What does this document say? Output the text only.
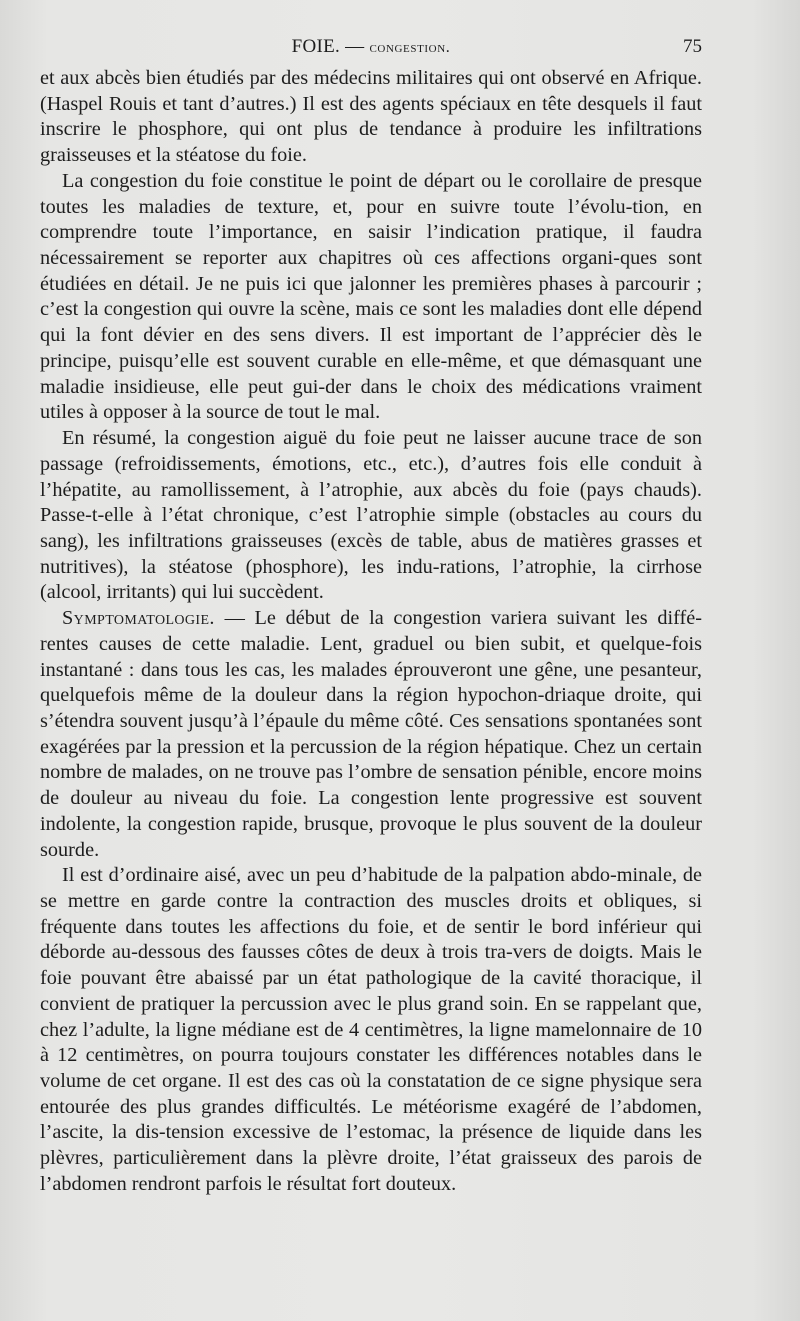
FOIE. — congestion.	75

et aux abcès bien étudiés par des médecins militaires qui ont observé en Afrique. (Haspel Rouis et tant d’autres.) Il est des agents spéciaux en tête desquels il faut inscrire le phosphore, qui ont plus de tendance à produire les infiltrations graisseuses et la stéatose du foie.

La congestion du foie constitue le point de départ ou le corollaire de presque toutes les maladies de texture, et, pour en suivre toute l’évolu-tion, en comprendre toute l’importance, en saisir l’indication pratique, il faudra nécessairement se reporter aux chapitres où ces affections organi-ques sont étudiées en détail. Je ne puis ici que jalonner les premières phases à parcourir ; c’est la congestion qui ouvre la scène, mais ce sont les maladies dont elle dépend qui la font dévier en des sens divers. Il est important de l’apprécier dès le principe, puisqu’elle est souvent curable en elle-même, et que démasquant une maladie insidieuse, elle peut gui-der dans le choix des médications vraiment utiles à opposer à la source de tout le mal.

En résumé, la congestion aiguë du foie peut ne laisser aucune trace de son passage (refroidissements, émotions, etc., etc.), d’autres fois elle conduit à l’hépatite, au ramollissement, à l’atrophie, aux abcès du foie (pays chauds). Passe-t-elle à l’état chronique, c’est l’atrophie simple (obstacles au cours du sang), les infiltrations graisseuses (excès de table, abus de matières grasses et nutritives), la stéatose (phosphore), les indu-rations, l’atrophie, la cirrhose (alcool, irritants) qui lui succèdent.

Symptomatologie. — Le début de la congestion variera suivant les diffé-rentes causes de cette maladie. Lent, graduel ou bien subit, et quelque-fois instantané : dans tous les cas, les malades éprouveront une gêne, une pesanteur, quelquefois même de la douleur dans la région hypochon-driaque droite, qui s’étendra souvent jusqu’à l’épaule du même côté. Ces sensations spontanées sont exagérées par la pression et la percussion de la région hépatique. Chez un certain nombre de malades, on ne trouve pas l’ombre de sensation pénible, encore moins de douleur au niveau du foie. La congestion lente progressive est souvent indolente, la congestion rapide, brusque, provoque le plus souvent de la douleur sourde.

Il est d’ordinaire aisé, avec un peu d’habitude de la palpation abdo-minale, de se mettre en garde contre la contraction des muscles droits et obliques, si fréquente dans toutes les affections du foie, et de sentir le bord inférieur qui déborde au-dessous des fausses côtes de deux à trois tra-vers de doigts. Mais le foie pouvant être abaissé par un état pathologique de la cavité thoracique, il convient de pratiquer la percussion avec le plus grand soin. En se rappelant que, chez l’adulte, la ligne médiane est de 4 centimètres, la ligne mamelonnaire de 10 à 12 centimètres, on pourra toujours constater les différences notables dans le volume de cet organe. Il est des cas où la constatation de ce signe physique sera entourée des plus grandes difficultés. Le météorisme exagéré de l’abdomen, l’ascite, la dis-tension excessive de l’estomac, la présence de liquide dans les plèvres, particulièrement dans la plèvre droite, l’état graisseux des parois de l’abdomen rendront parfois le résultat fort douteux.
